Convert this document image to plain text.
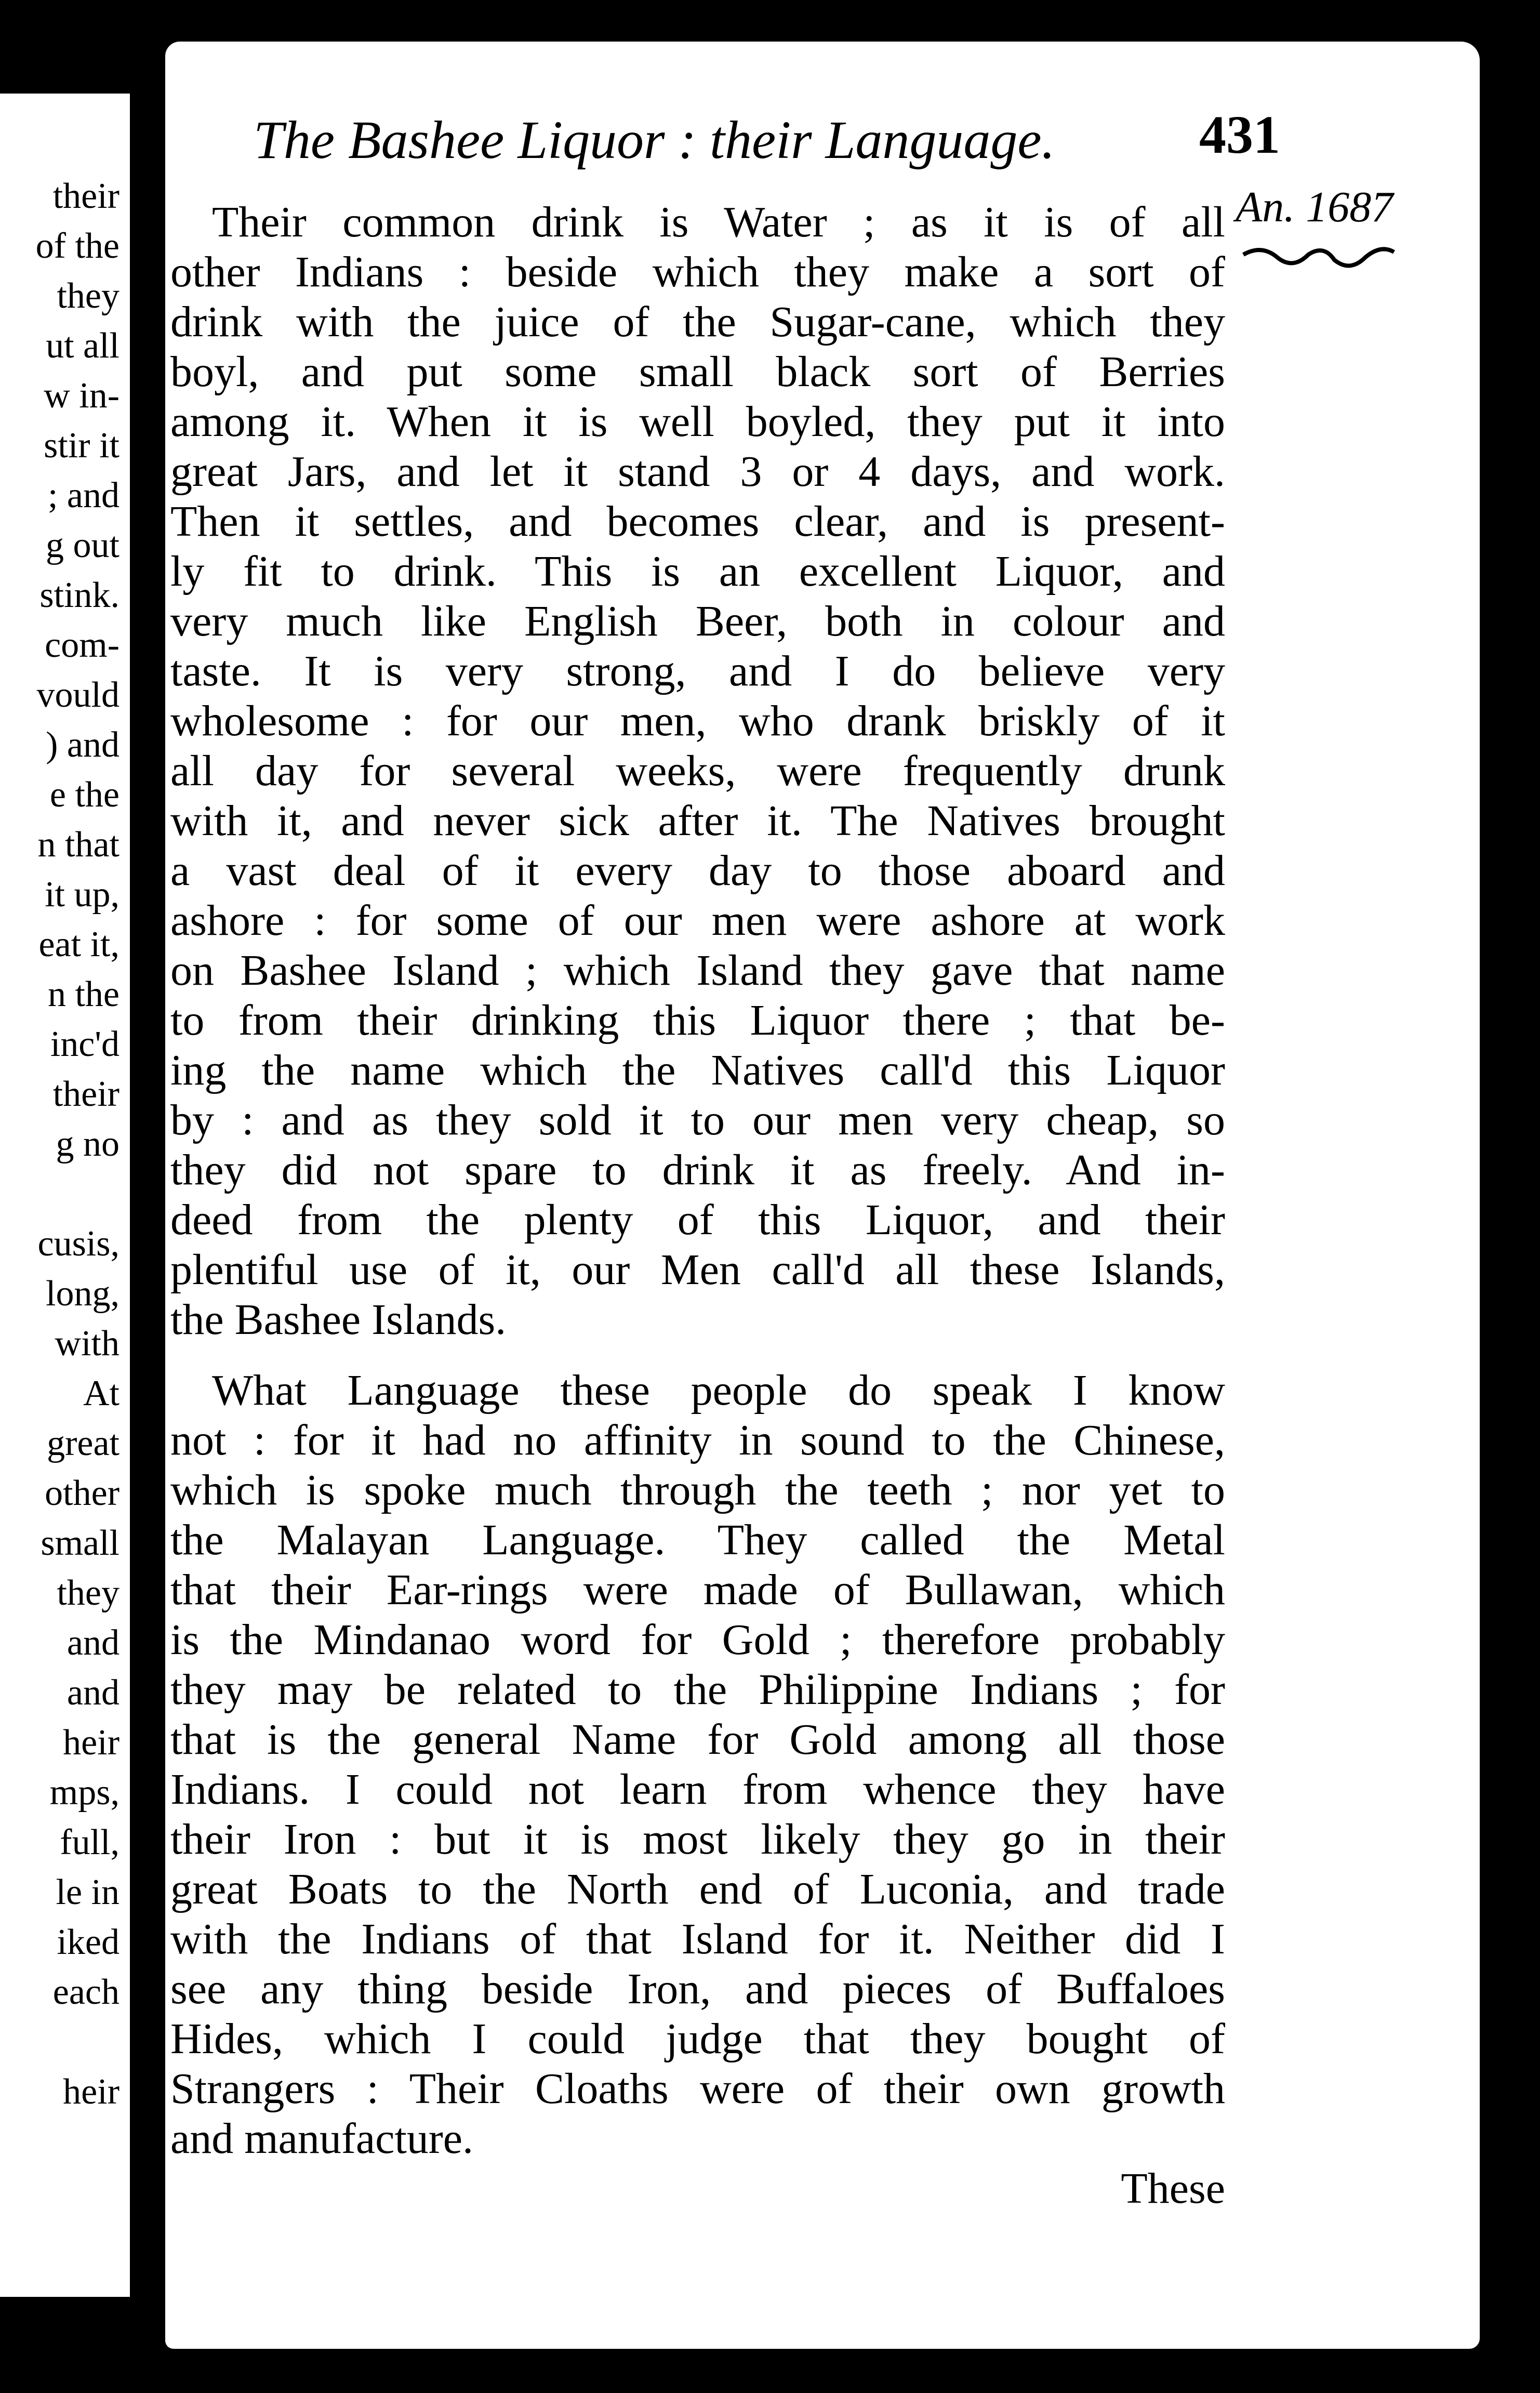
their
of the
they
ut all
w in-
stir it
; and
g out
stink.
com-
vould
) and
e the
n that
it up,
eat it,
n the
inc'd
their
g no
cusis,
long,
with
At
great
other
small
they
and
and
heir
mps,
full,
le in
iked
each
heir
The Bashee Liquor : their Language.	431
An. 1687
Their common drink is Water ; as it is of all
other Indians : beside which they make a sort of
drink with the juice of the Sugar-cane, which they
boyl, and put some small black sort of Berries
among it. When it is well boyled, they put it into
great Jars, and let it stand 3 or 4 days, and work.
Then it settles, and becomes clear, and is present-
ly fit to drink. This is an excellent Liquor, and
very much like English Beer, both in colour and
taste. It is very strong, and I do believe very
wholesome : for our men, who drank briskly of it
all day for several weeks, were frequently drunk
with it, and never sick after it. The Natives brought
a vast deal of it every day to those aboard and
ashore : for some of our men were ashore at work
on Bashee Island ; which Island they gave that name
to from their drinking this Liquor there ; that be-
ing the name which the Natives call'd this Liquor
by : and as they sold it to our men very cheap, so
they did not spare to drink it as freely. And in-
deed from the plenty of this Liquor, and their
plentiful use of it, our Men call'd all these Islands,
the Bashee Islands.
What Language these people do speak I know
not : for it had no affinity in sound to the Chinese,
which is spoke much through the teeth ; nor yet to
the Malayan Language. They called the Metal
that their Ear-rings were made of Bullawan, which
is the Mindanao word for Gold ; therefore probably
they may be related to the Philippine Indians ; for
that is the general Name for Gold among all those
Indians. I could not learn from whence they have
their Iron : but it is most likely they go in their
great Boats to the North end of Luconia, and trade
with the Indians of that Island for it. Neither did I
see any thing beside Iron, and pieces of Buffaloes
Hides, which I could judge that they bought of
Strangers : Their Cloaths were of their own growth
and manufacture.
These
